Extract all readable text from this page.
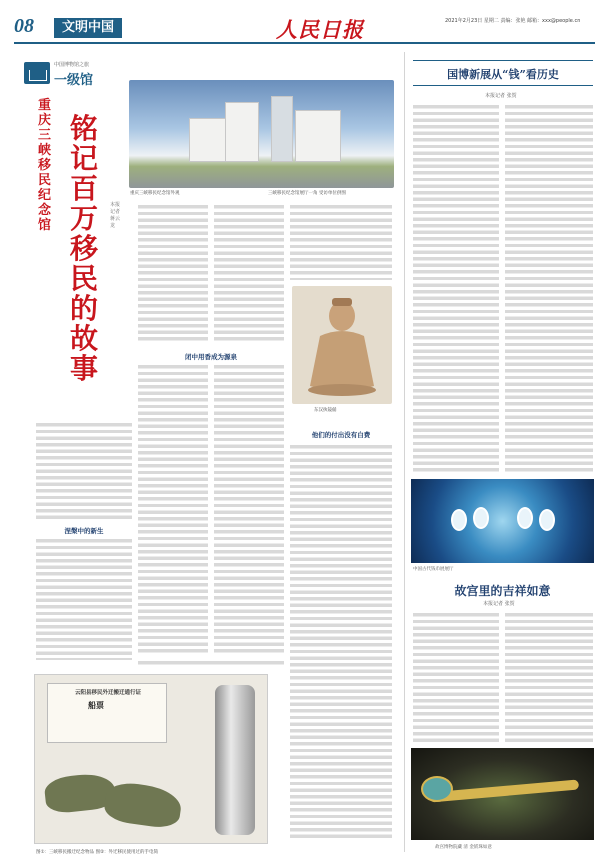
08	文明中国	人民日报	2021年2月23日 星期二 责编：张艳 邮箱：xxx@people.cn
中国博物馆之旅
一级馆
重庆三峡移民纪念馆
铭记百万移民的故事
本报记者 蒋云龙
重庆三峡移民纪念馆外观	三峡移民纪念馆展厅一角 受访单位供图
东汉执镜俑
闭中用香成为源泉
他们的付出没有白费
涅槃中的新生
云阳县移民外迁搬迁通行证
船票
图①：三峡移民搬迁纪念物品 图②：外迁移民使用过的手电筒
国博新展从“钱”看历史
本报记者 张贺
中国古代钱币展展厅
故宫里的吉祥如意
本报记者 张贺
故宫博物院藏 清 金嵌珠如意
